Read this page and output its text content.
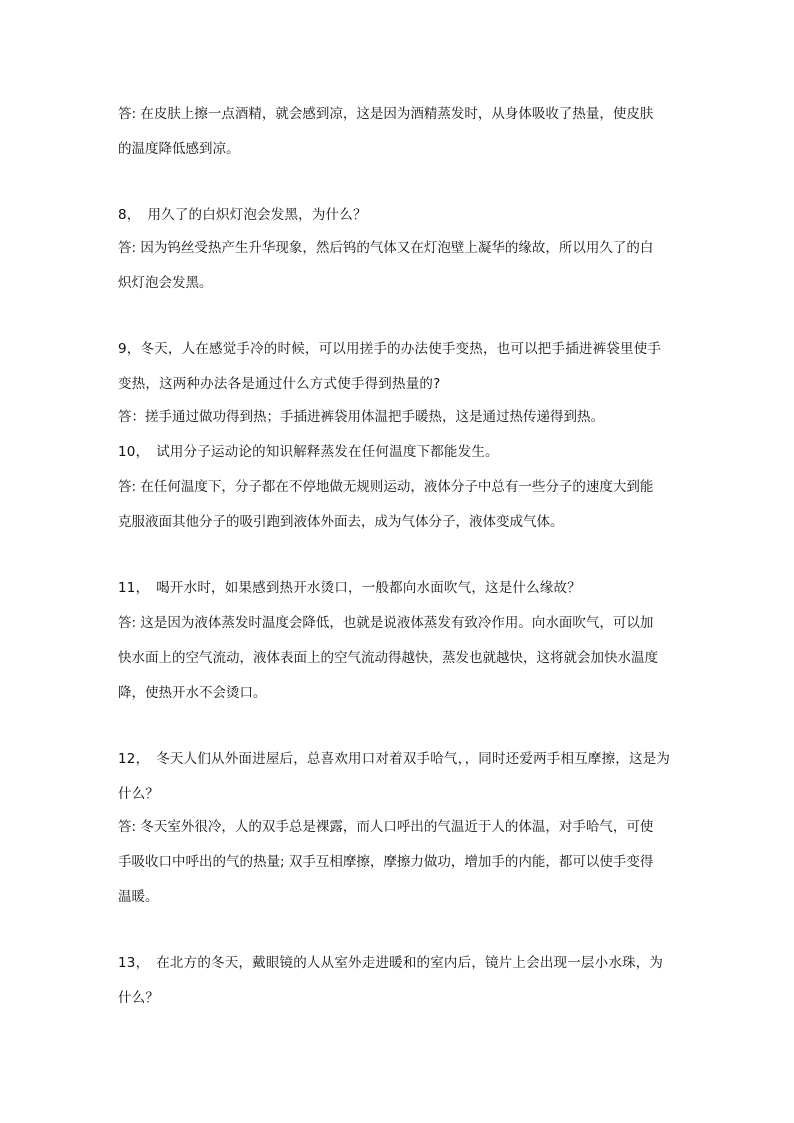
答: 在皮肤上擦一点酒精，就会感到凉，这是因为酒精蒸发时，从身体吸收了热量，使皮肤
的温度降低感到凉。
8，　用久了的白炽灯泡会发黑，为什么？
答: 因为钨丝受热产生升华现象，然后钨的气体又在灯泡壁上凝华的缘故，所以用久了的白
炽灯泡会发黑。
9，冬天，人在感觉手冷的时候，可以用搓手的办法使手变热，也可以把手插进裤袋里使手
变热，这两种办法各是通过什么方式使手得到热量的?
答：搓手通过做功得到热；手插进裤袋用体温把手暖热，这是通过热传递得到热。
10，　试用分子运动论的知识解释蒸发在任何温度下都能发生。
答: 在任何温度下，分子都在不停地做无规则运动，液体分子中总有一些分子的速度大到能
克服液面其他分子的吸引跑到液体外面去，成为气体分子，液体变成气体。
11，　喝开水时，如果感到热开水烫口，一般都向水面吹气，这是什么缘故？
答: 这是因为液体蒸发时温度会降低，也就是说液体蒸发有致冷作用。向水面吹气，可以加
快水面上的空气流动，液体表面上的空气流动得越快，蒸发也就越快，这将就会加快水温度
降，使热开水不会烫口。
12，　冬天人们从外面进屋后，总喜欢用口对着双手哈气，，同时还爱两手相互摩擦，这是为
什么？
答: 冬天室外很冷，人的双手总是裸露，而人口呼出的气温近于人的体温，对手哈气，可使
手吸收口中呼出的气的热量; 双手互相摩擦，摩擦力做功，增加手的内能，都可以使手变得
温暖。
13，　在北方的冬天，戴眼镜的人从室外走进暖和的室内后，镜片上会出现一层小水珠，为
什么？
